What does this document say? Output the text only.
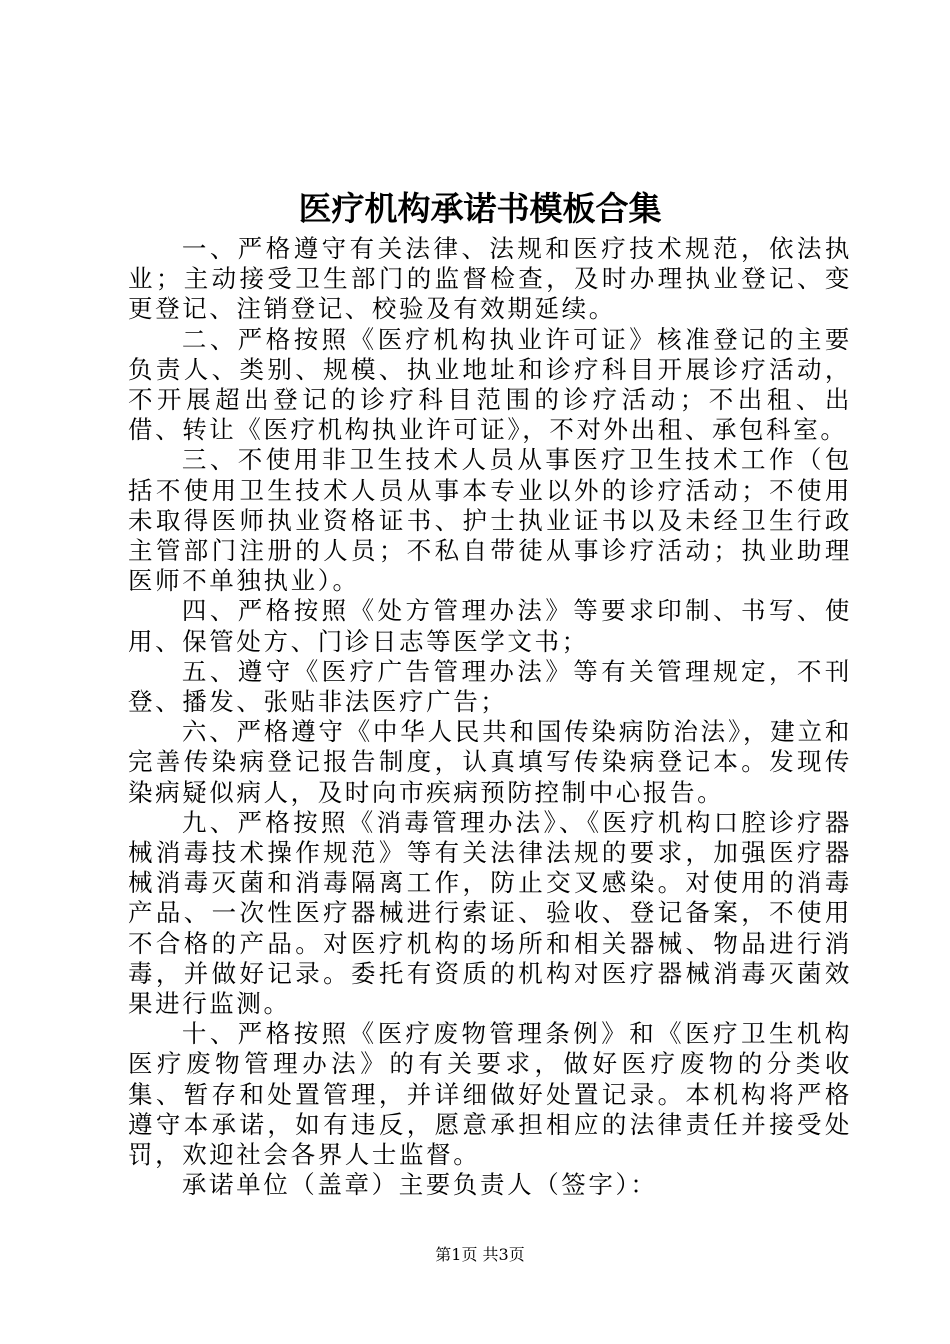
医疗机构承诺书模板合集

一、严格遵守有关法律、法规和医疗技术规范，依法执业；主动接受卫生部门的监督检查，及时办理执业登记、变更登记、注销登记、校验及有效期延续。

二、严格按照《医疗机构执业许可证》核准登记的主要负责人、类别、规模、执业地址和诊疗科目开展诊疗活动，不开展超出登记的诊疗科目范围的诊疗活动；不出租、出借、转让《医疗机构执业许可证》，不对外出租、承包科室。

三、不使用非卫生技术人员从事医疗卫生技术工作（包括不使用卫生技术人员从事本专业以外的诊疗活动；不使用未取得医师执业资格证书、护士执业证书以及未经卫生行政主管部门注册的人员；不私自带徒从事诊疗活动；执业助理医师不单独执业）。

四、严格按照《处方管理办法》等要求印制、书写、使用、保管处方、门诊日志等医学文书；

五、遵守《医疗广告管理办法》等有关管理规定，不刊登、播发、张贴非法医疗广告；

六、严格遵守《中华人民共和国传染病防治法》，建立和完善传染病登记报告制度，认真填写传染病登记本。发现传染病疑似病人，及时向市疾病预防控制中心报告。

九、严格按照《消毒管理办法》、《医疗机构口腔诊疗器械消毒技术操作规范》等有关法律法规的要求，加强医疗器械消毒灭菌和消毒隔离工作，防止交叉感染。对使用的消毒产品、一次性医疗器械进行索证、验收、登记备案，不使用不合格的产品。对医疗机构的场所和相关器械、物品进行消毒，并做好记录。委托有资质的机构对医疗器械消毒灭菌效果进行监测。

十、严格按照《医疗废物管理条例》和《医疗卫生机构医疗废物管理办法》的有关要求，做好医疗废物的分类收集、暂存和处置管理，并详细做好处置记录。本机构将严格遵守本承诺，如有违反，愿意承担相应的法律责任并接受处罚，欢迎社会各界人士监督。

承诺单位（盖章）主要负责人（签字）：

第1页 共3页
